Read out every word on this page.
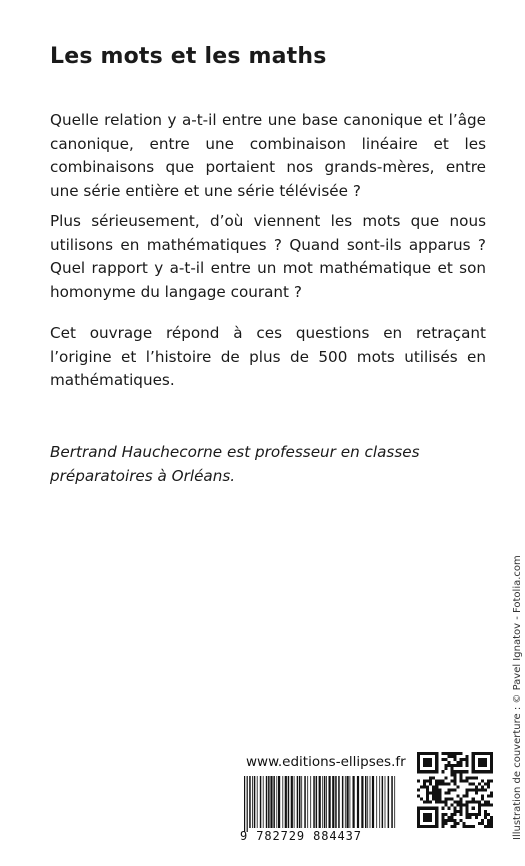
Les mots et les maths

Quelle relation y a-t-il entre une base canonique et l’âge canonique, entre une combinaison linéaire et les combinaisons que portaient nos grands-mères, entre une série entière et une série télévisée ?

Plus sérieusement, d’où viennent les mots que nous utilisons en mathématiques ? Quand sont-ils apparus ? Quel rapport y a-t-il entre un mot mathématique et son homonyme du langage courant ?

Cet ouvrage répond à ces questions en retraçant l’origine et l’histoire de plus de 500 mots utilisés en mathématiques.

Bertrand Hauchecorne est professeur en classes préparatoires à Orléans.

Illustration de couverture : © Pavel Ignatov - Fotolia.com
www.editions-ellipses.fr
9 782729 884437
